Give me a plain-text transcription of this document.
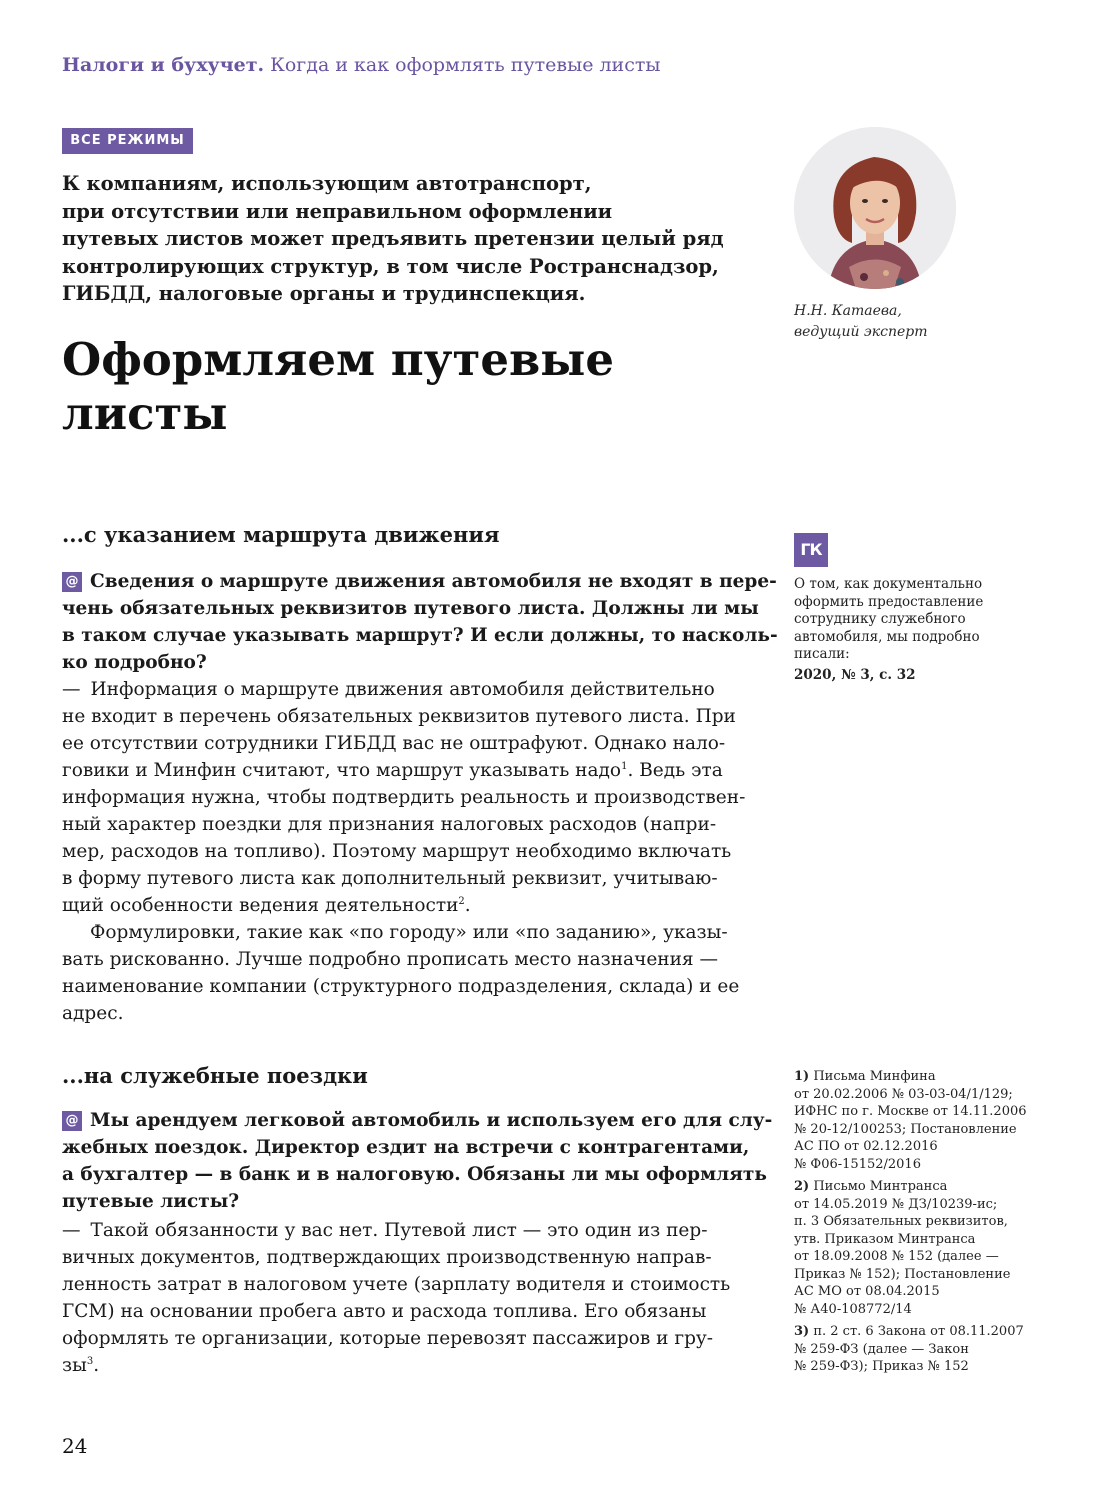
Налоги и бухучет. Когда и как оформлять путевые листы
ВСЕ РЕЖИМЫ

К компаниям, использующим автотранспорт,
при отсутствии или неправильном оформлении
путевых листов может предъявить претензии целый ряд
контролирующих структур, в том числе Ространснадзор,
ГИБДД, налоговые органы и трудинспекция.

Н.Н. Катаева,
ведущий эксперт
Оформляем путевые
листы
...с указанием маршрута движения

@ Сведения о маршруте движения автомобиля не входят в пере-
чень обязательных реквизитов путевого листа. Должны ли мы
в таком случае указывать маршрут? И если должны, то насколь-
ко подробно?

— Информация о маршруте движения автомобиля действительно
не входит в перечень обязательных реквизитов путевого листа. При
ее отсутствии сотрудники ГИБДД вас не оштрафуют. Однако нало-
говики и Минфин считают, что маршрут указывать надо$^1$. Ведь эта
информация нужна, чтобы подтвердить реальность и производствен-
ный характер поездки для признания налоговых расходов (напри-
мер, расходов на топливо). Поэтому маршрут необходимо включать
в форму путевого листа как дополнительный реквизит, учитываю-
щий особенности ведения деятельности$^2$.

Формулировки, такие как «по городу» или «по заданию», указы-
вать рискованно. Лучше подробно прописать место назначения —
наименование компании (структурного подразделения, склада) и ее
адрес.

...на служебные поездки

@ Мы арендуем легковой автомобиль и используем его для слу-
жебных поездок. Директор ездит на встречи с контрагентами,
а бухгалтер — в банк и в налоговую. Обязаны ли мы оформлять
путевые листы?

— Такой обязанности у вас нет. Путевой лист — это один из пер-
вичных документов, подтверждающих производственную направ-
ленность затрат в налоговом учете (зарплату водителя и стоимость
ГСМ) на основании пробега авто и расхода топлива. Его обязаны
оформлять те организации, которые перевозят пассажиров и гру-
$зы^3$.

ГК
О том, как документально
оформить предоставление
сотруднику служебного
автомобиля, мы подробно
писали:
2020, № 3, с. 32
1) Письма Минфина
от 20.02.2006 № 03-03-04/1/129;
ИФНС по г. Москве от 14.11.2006
№ 20-12/100253; Постановление
АС ПО от 02.12.2016
№ Ф06-15152/2016
2) Письмо Минтранса
от 14.05.2019 № ДЗ/10239-ис;
п. 3 Обязательных реквизитов,
утв. Приказом Минтранса
от 18.09.2008 № 152 (далее —
Приказ № 152); Постановление
АС МО от 08.04.2015
№ А40-108772/14
3) п. 2 ст. 6 Закона от 08.11.2007
№ 259-ФЗ (далее — Закон
№ 259-ФЗ); Приказ № 152
24
